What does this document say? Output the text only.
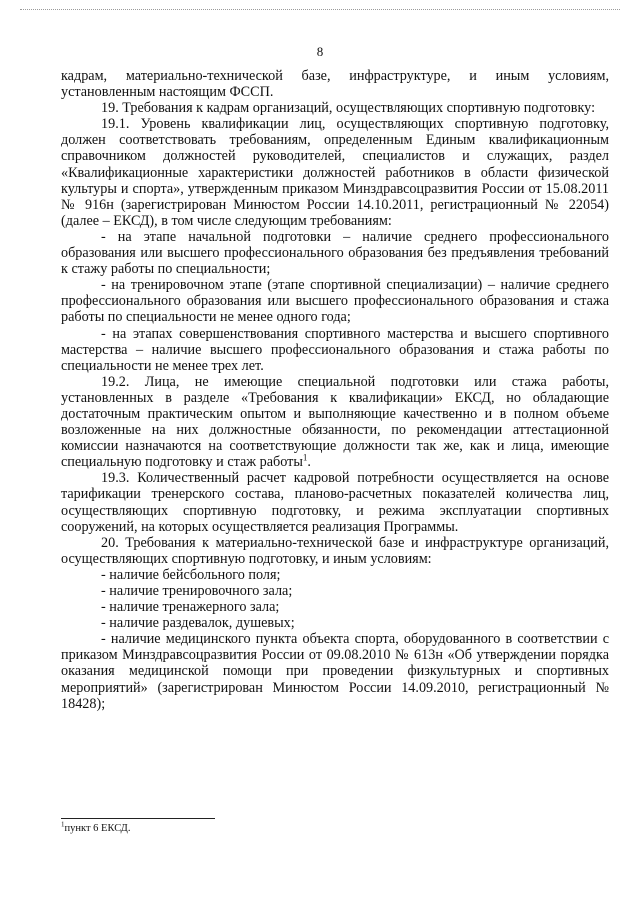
8

кадрам, материально-технической базе, инфраструктуре, и иным условиям, установленным настоящим ФССП.

19. Требования к кадрам организаций, осуществляющих спортивную подготовку:

19.1. Уровень квалификации лиц, осуществляющих спортивную подготовку, должен соответствовать требованиям, определенным Единым квалификационным справочником должностей руководителей, специалистов и служащих, раздел «Квалификационные характеристики должностей работников в области физической культуры и спорта», утвержденным приказом Минздравсоцразвития России от 15.08.2011 № 916н (зарегистрирован Минюстом России 14.10.2011, регистрационный № 22054) (далее – ЕКСД), в том числе следующим требованиям:

- на этапе начальной подготовки – наличие среднего профессионального образования или высшего профессионального образования без предъявления требований к стажу работы по специальности;

- на тренировочном этапе (этапе спортивной специализации) – наличие среднего профессионального образования или высшего профессионального образования и стажа работы по специальности не менее одного года;

- на этапах совершенствования спортивного мастерства и высшего спортивного мастерства – наличие высшего профессионального образования и стажа работы по специальности не менее трех лет.

19.2. Лица, не имеющие специальной подготовки или стажа работы, установленных в разделе «Требования к квалификации» ЕКСД, но обладающие достаточным практическим опытом и выполняющие качественно и в полном объеме возложенные на них должностные обязанности, по рекомендации аттестационной комиссии назначаются на соответствующие должности так же, как и лица, имеющие специальную подготовку и стаж работы$^1$.

19.3. Количественный расчет кадровой потребности осуществляется на основе тарификации тренерского состава, планово-расчетных показателей количества лиц, осуществляющих спортивную подготовку, и режима эксплуатации спортивных сооружений, на которых осуществляется реализация Программы.

20. Требования к материально-технической базе и инфраструктуре организаций, осуществляющих спортивную подготовку, и иным условиям:

- наличие бейсбольного поля;

- наличие тренировочного зала;

- наличие тренажерного зала;

- наличие раздевалок, душевых;

- наличие медицинского пункта объекта спорта, оборудованного в соответствии с приказом Минздравсоцразвития России от 09.08.2010 № 613н «Об утверждении порядка оказания медицинской помощи при проведении физкультурных и спортивных мероприятий» (зарегистрирован Минюстом России 14.09.2010, регистрационный № 18428);

$^1$пункт 6 ЕКСД.
